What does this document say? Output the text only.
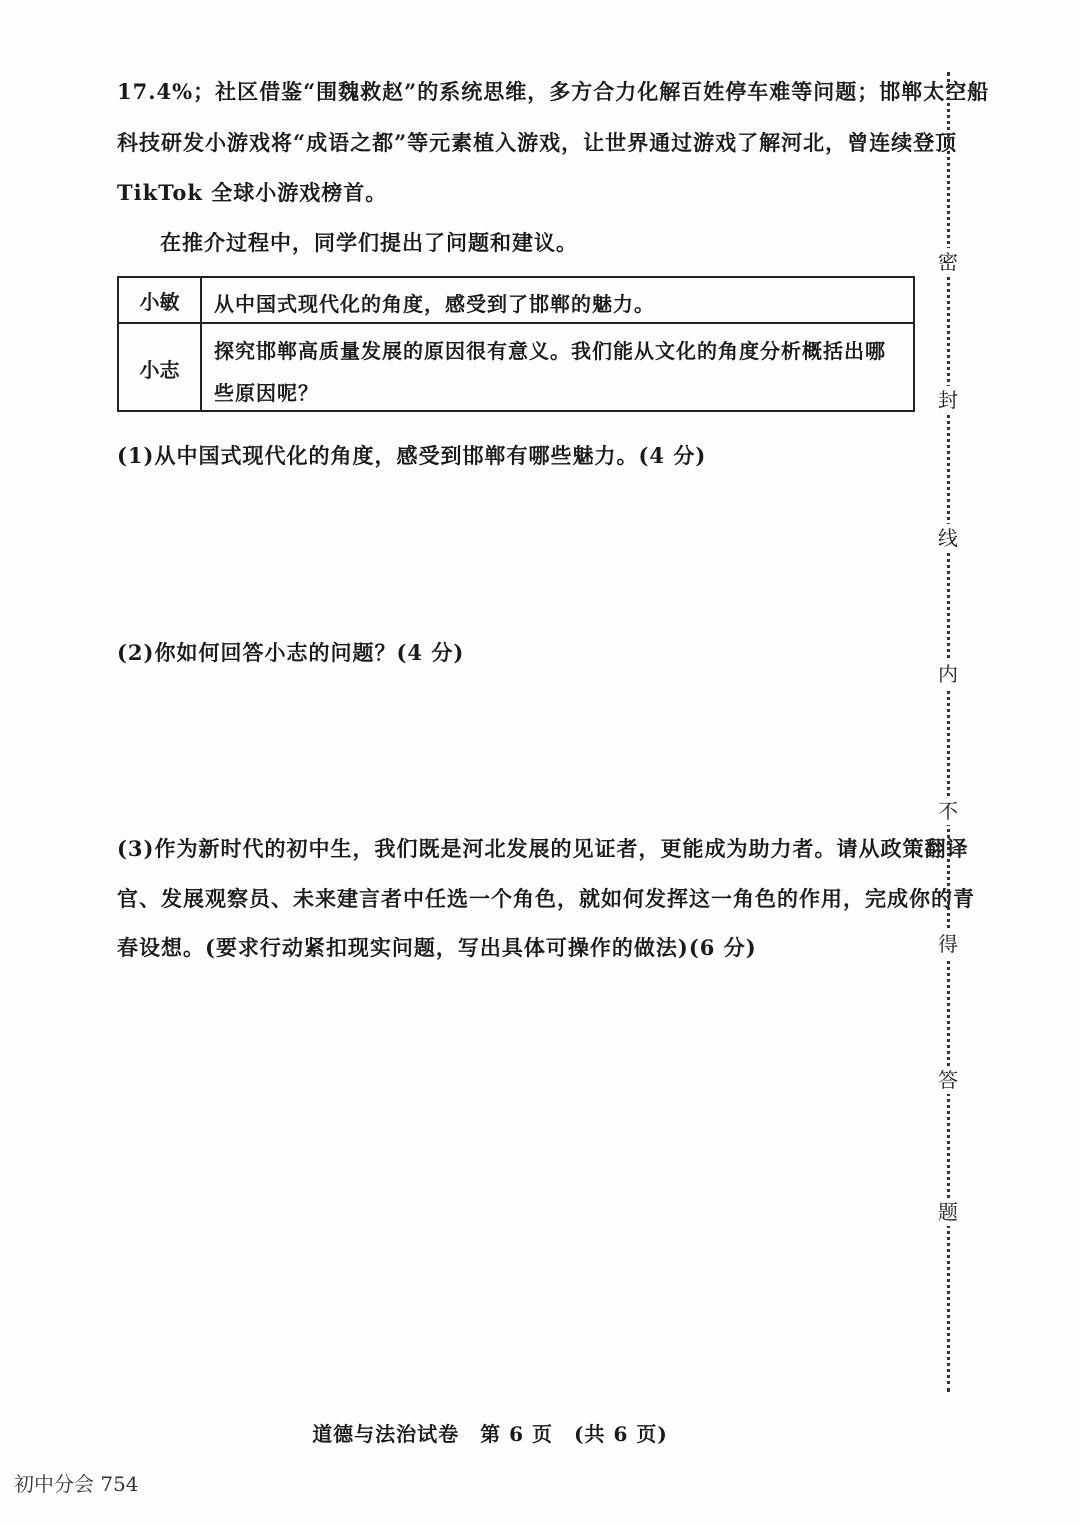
17.4%；社区借鉴“围魏救赵”的系统思维，多方合力化解百姓停车难等问题；邯郸太空船
科技研发小游戏将“成语之都”等元素植入游戏，让世界通过游戏了解河北，曾连续登顶
TikTok 全球小游戏榜首。
在推介过程中，同学们提出了问题和建议。
小敏	从中国式现代化的角度，感受到了邯郸的魅力。
小志
探究邯郸高质量发展的原因很有意义。我们能从文化的角度分析概括出哪
些原因呢？
(1)从中国式现代化的角度，感受到邯郸有哪些魅力。(4 分)
(2)你如何回答小志的问题？(4 分)
(3)作为新时代的初中生，我们既是河北发展的见证者，更能成为助力者。请从政策翻译
官、发展观察员、未来建言者中任选一个角色，就如何发挥这一角色的作用，完成你的青
春设想。(要求行动紧扣现实问题，写出具体可操作的做法)(6 分)
密
封
线
内
不
得
答
题
道德与法治试卷　第 6 页　(共 6 页)
初中分会 754
